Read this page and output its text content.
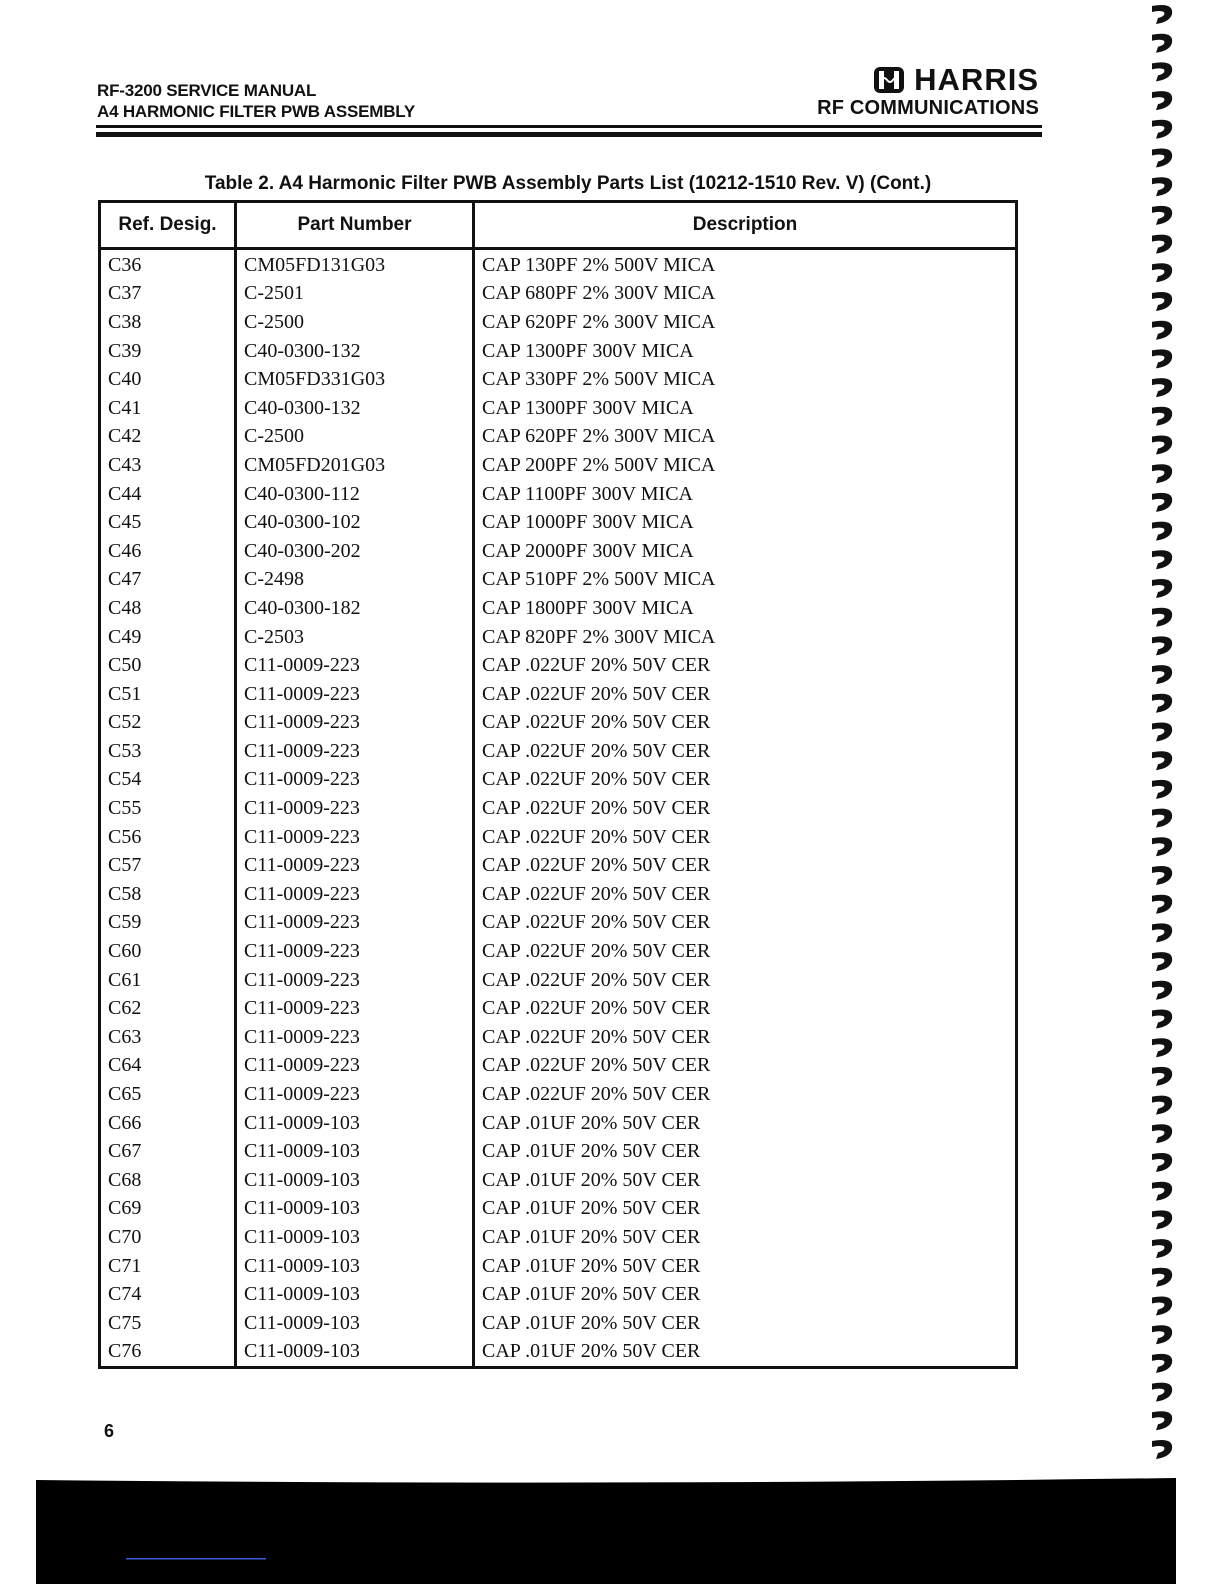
RF-3200 SERVICE MANUAL
A4 HARMONIC FILTER PWB ASSEMBLY
HARRIS
RF COMMUNICATIONS
Table 2. A4 Harmonic Filter PWB Assembly Parts List (10212-1510 Rev. V) (Cont.)
Ref. Desig.	Part Number	Description
C36	CM05FD131G03	CAP 130PF 2% 500V MICA
C37	C-2501	CAP 680PF 2% 300V MICA
C38	C-2500	CAP 620PF 2% 300V MICA
C39	C40-0300-132	CAP 1300PF 300V MICA
C40	CM05FD331G03	CAP 330PF 2% 500V MICA
C41	C40-0300-132	CAP 1300PF 300V MICA
C42	C-2500	CAP 620PF 2% 300V MICA
C43	CM05FD201G03	CAP 200PF 2% 500V MICA
C44	C40-0300-112	CAP 1100PF 300V MICA
C45	C40-0300-102	CAP 1000PF 300V MICA
C46	C40-0300-202	CAP 2000PF 300V MICA
C47	C-2498	CAP 510PF 2% 500V MICA
C48	C40-0300-182	CAP 1800PF 300V MICA
C49	C-2503	CAP 820PF 2% 300V MICA
C50	C11-0009-223	CAP .022UF 20% 50V CER
C51	C11-0009-223	CAP .022UF 20% 50V CER
C52	C11-0009-223	CAP .022UF 20% 50V CER
C53	C11-0009-223	CAP .022UF 20% 50V CER
C54	C11-0009-223	CAP .022UF 20% 50V CER
C55	C11-0009-223	CAP .022UF 20% 50V CER
C56	C11-0009-223	CAP .022UF 20% 50V CER
C57	C11-0009-223	CAP .022UF 20% 50V CER
C58	C11-0009-223	CAP .022UF 20% 50V CER
C59	C11-0009-223	CAP .022UF 20% 50V CER
C60	C11-0009-223	CAP .022UF 20% 50V CER
C61	C11-0009-223	CAP .022UF 20% 50V CER
C62	C11-0009-223	CAP .022UF 20% 50V CER
C63	C11-0009-223	CAP .022UF 20% 50V CER
C64	C11-0009-223	CAP .022UF 20% 50V CER
C65	C11-0009-223	CAP .022UF 20% 50V CER
C66	C11-0009-103	CAP .01UF 20% 50V CER
C67	C11-0009-103	CAP .01UF 20% 50V CER
C68	C11-0009-103	CAP .01UF 20% 50V CER
C69	C11-0009-103	CAP .01UF 20% 50V CER
C70	C11-0009-103	CAP .01UF 20% 50V CER
C71	C11-0009-103	CAP .01UF 20% 50V CER
C74	C11-0009-103	CAP .01UF 20% 50V CER
C75	C11-0009-103	CAP .01UF 20% 50V CER
C76	C11-0009-103	CAP .01UF 20% 50V CER
6
